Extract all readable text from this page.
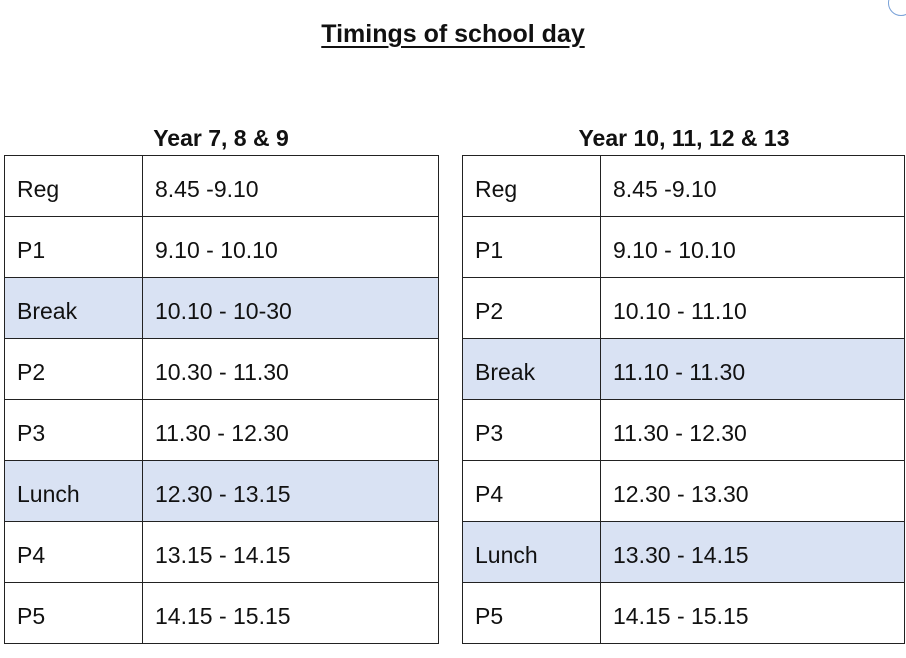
Timings of school day
Year 7, 8 & 9	Year 10, 11, 12 & 13
Reg	8.45 -9.10
P1	9.10 - 10.10
Break	10.10 - 10-30
P2	10.30 - 11.30
P3	11.30 - 12.30
Lunch	12.30 - 13.15
P4	13.15 - 14.15
P5	14.15 - 15.15
Reg	8.45 -9.10
P1	9.10 - 10.10
P2	10.10 - 11.10
Break	11.10 - 11.30
P3	11.30 - 12.30
P4	12.30 - 13.30
Lunch	13.30 - 14.15
P5	14.15 - 15.15
